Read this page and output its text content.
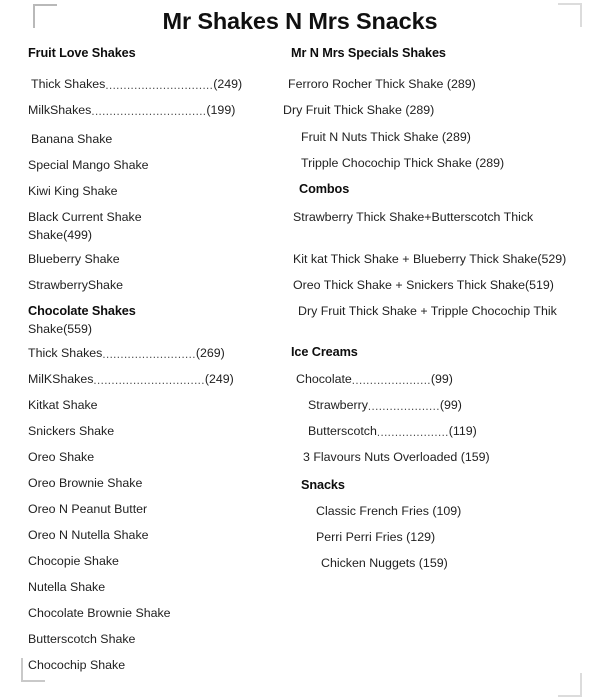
Mr Shakes N Mrs Snacks
Fruit Love Shakes
Thick Shakes..............................(249)
MilkShakes................................(199)
Banana Shake
Special Mango Shake
Kiwi King Shake
Black Current Shake
Shake(499)
Blueberry Shake
StrawberryShake
Chocolate Shakes
Shake(559)
Thick Shakes..........................(269)
MilKShakes...............................(249)
Kitkat Shake
Snickers Shake
Oreo Shake
Oreo Brownie Shake
Oreo N Peanut Butter
Oreo N Nutella Shake
Chocopie Shake
Nutella Shake
Chocolate Brownie Shake
Butterscotch Shake
Chocochip Shake
Mr N Mrs Specials Shakes
Ferroro Rocher Thick Shake (289)
Dry Fruit Thick Shake (289)
Fruit N Nuts Thick Shake (289)
Tripple Chocochip Thick Shake (289)
Combos
Strawberry Thick Shake+Butterscotch Thick
Kit kat Thick Shake + Blueberry Thick Shake(529)
Oreo Thick Shake + Snickers Thick Shake(519)
Dry Fruit Thick Shake + Tripple Chocochip Thik
Ice Creams
Chocolate......................(99)
Strawberry....................(99)
Butterscotch....................(119)
3 Flavours Nuts Overloaded (159)
Snacks
Classic French Fries (109)
Perri Perri Fries (129)
Chicken Nuggets (159)
